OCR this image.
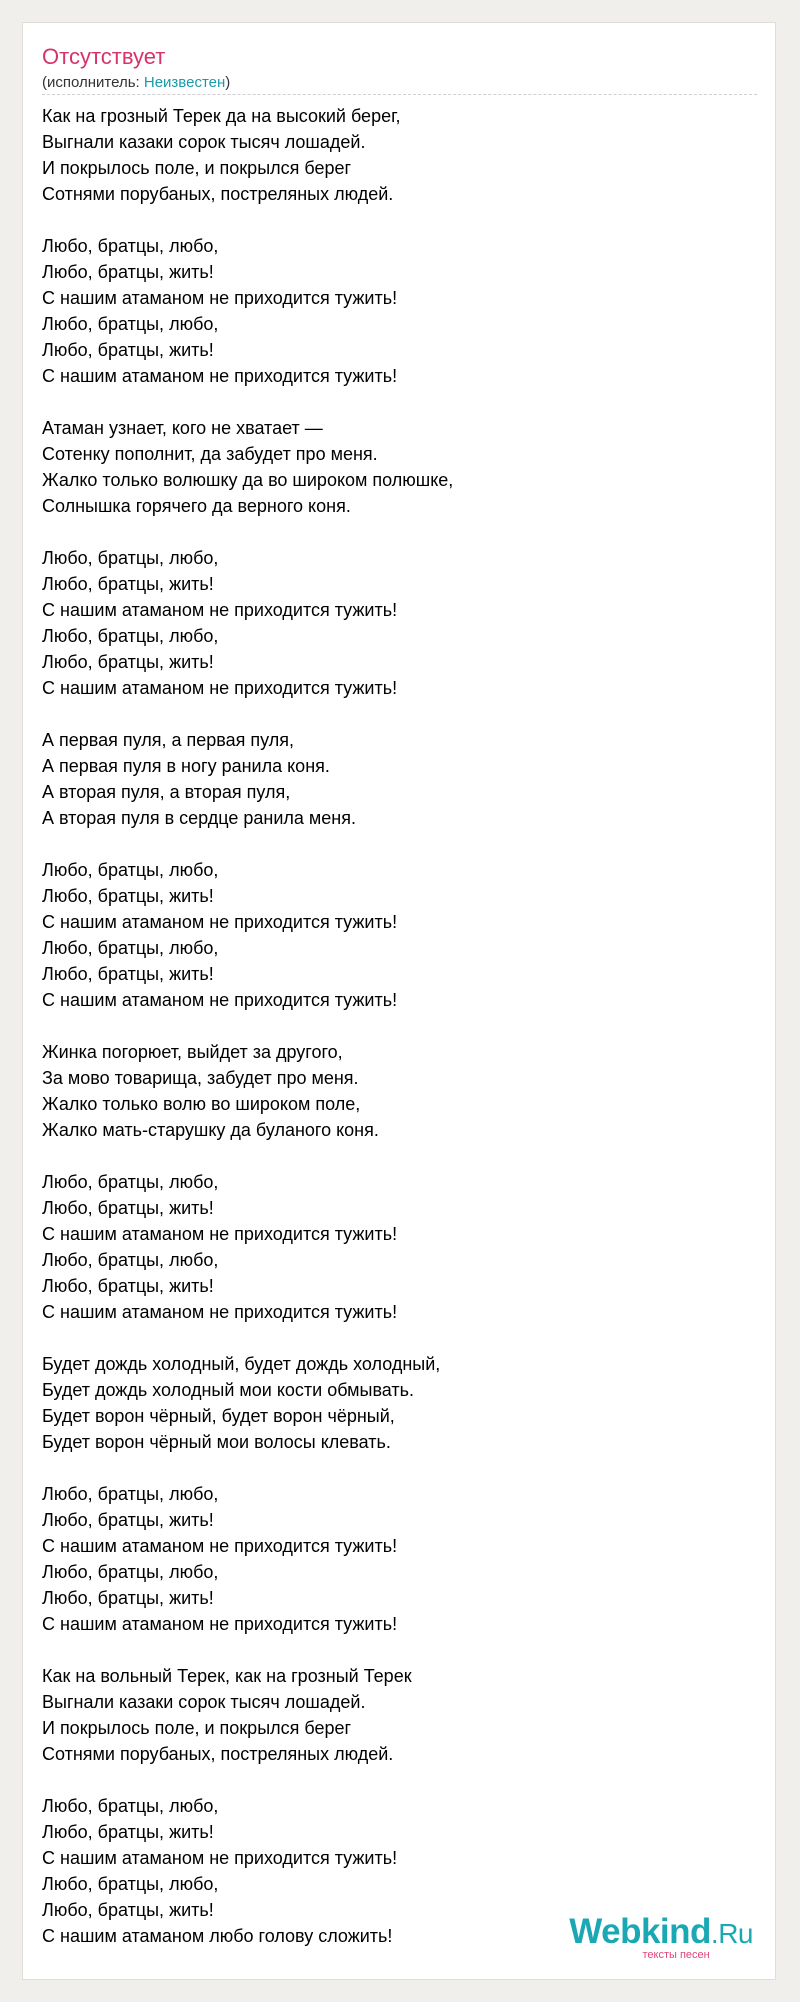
Отсутствует
(исполнитель: Неизвестен)
Как на грозный Терек да на высокий берег,
Выгнали казаки сорок тысяч лошадей.
И покрылось поле, и покрылся берег
Сотнями порубаных, постреляных людей.
Любо, братцы, любо,
Любо, братцы, жить!
С нашим атаманом не приходится тужить!
Любо, братцы, любо,
Любо, братцы, жить!
С нашим атаманом не приходится тужить!
Атаман узнает, кого не хватает —
Сотенку пополнит, да забудет про меня.
Жалко только волюшку да во широком полюшке,
Солнышка горячего да верного коня.
Любо, братцы, любо,
Любо, братцы, жить!
С нашим атаманом не приходится тужить!
Любо, братцы, любо,
Любо, братцы, жить!
С нашим атаманом не приходится тужить!
А первая пуля, а первая пуля,
А первая пуля в ногу ранила коня.
А вторая пуля, а вторая пуля,
А вторая пуля в сердце ранила меня.
Любо, братцы, любо,
Любо, братцы, жить!
С нашим атаманом не приходится тужить!
Любо, братцы, любо,
Любо, братцы, жить!
С нашим атаманом не приходится тужить!
Жинка погорюет, выйдет за другого,
За мово товарища, забудет про меня.
Жалко только волю во широком поле,
Жалко мать-старушку да буланого коня.
Любо, братцы, любо,
Любо, братцы, жить!
С нашим атаманом не приходится тужить!
Любо, братцы, любо,
Любо, братцы, жить!
С нашим атаманом не приходится тужить!
Будет дождь холодный, будет дождь холодный,
Будет дождь холодный мои кости обмывать.
Будет ворон чёрный, будет ворон чёрный,
Будет ворон чёрный мои волосы клевать.
Любо, братцы, любо,
Любо, братцы, жить!
С нашим атаманом не приходится тужить!
Любо, братцы, любо,
Любо, братцы, жить!
С нашим атаманом не приходится тужить!
Как на вольный Терек, как на грозный Терек
Выгнали казаки сорок тысяч лошадей.
И покрылось поле, и покрылся берег
Сотнями порубаных, постреляных людей.
Любо, братцы, любо,
Любо, братцы, жить!
С нашим атаманом не приходится тужить!
Любо, братцы, любо,
Любо, братцы, жить!
С нашим атаманом любо голову сложить!	Webkind.Ru
тексты песен
